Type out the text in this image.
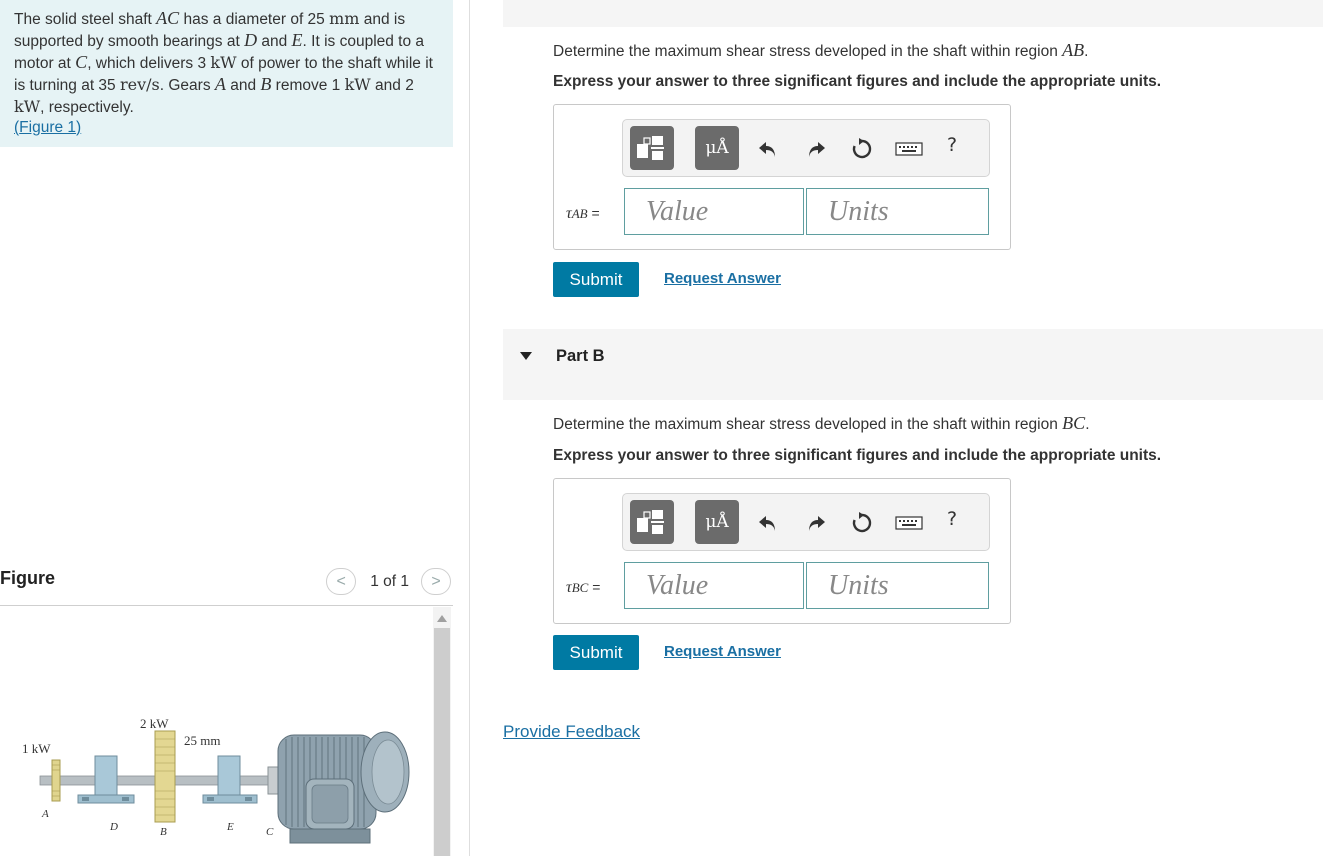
The solid steel shaft AC has a diameter of 25 mm and is supported by smooth bearings at D and E. It is coupled to a motor at C, which delivers 3 kW of power to the shaft while it is turning at 35 rev/s. Gears A and B remove 1 kW and 2 kW, respectively.

(Figure 1)
Figure	< 1 of 1 >
1 kW
2 kW
25 mm
A
D	B	E	C

Determine the maximum shear stress developed in the shaft within region AB.

Express your answer to three significant figures and include the appropriate units.

μÅ	?
τAB =	Value	Units
Submit	Request Answer
Part B

Determine the maximum shear stress developed in the shaft within region BC.

Express your answer to three significant figures and include the appropriate units.

μÅ	?
τBC =	Value	Units
Submit	Request Answer
Provide Feedback
